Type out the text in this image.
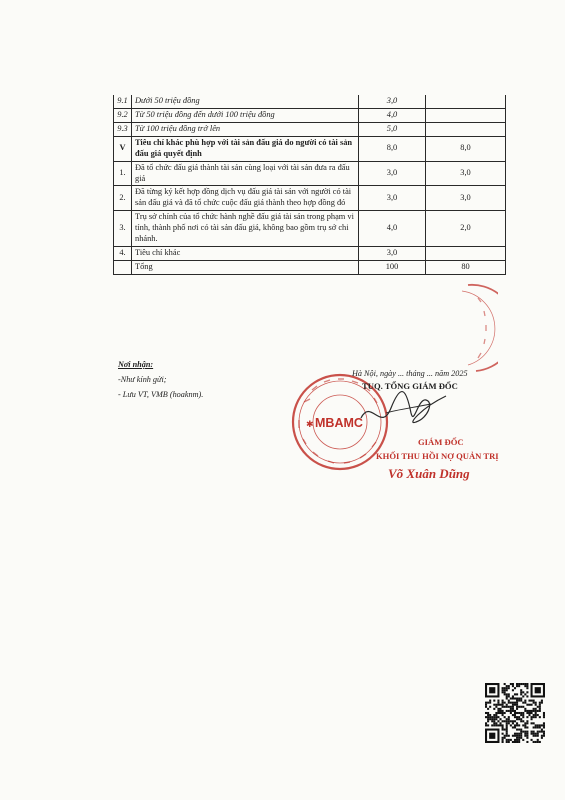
9.1	Dưới 50 triệu đồng	3,0	
9.2	Từ 50 triệu đồng đến dưới 100 triệu đồng	4,0	
9.3	Từ 100 triệu đồng trở lên	5,0	
V	Tiêu chí khác phù hợp với tài sản đấu giá do người có tài sản đấu giá quyết định	8,0	8,0
1.	Đã tổ chức đấu giá thành tài sản cùng loại với tài sản đưa ra đấu giá	3,0	3,0
2.	Đã từng ký kết hợp đồng dịch vụ đấu giá tài sản với người có tài sản đấu giá và đã tổ chức cuộc đấu giá thành theo hợp đồng đó	3,0	3,0
3.	Trụ sở chính của tổ chức hành nghề đấu giá tài sản trong phạm vi tỉnh, thành phố nơi có tài sản đấu giá, không bao gồm trụ sở chi nhánh.	4,0	2,0
4.	Tiêu chí khác	3,0	
	Tổng	100	80
Nơi nhận:
-Như kính gửi;
- Lưu VT, VMB (hoaknm).
✱ MBAMC
Hà Nội, ngày ... tháng ... năm 2025
TUQ. TỔNG GIÁM ĐỐC
GIÁM ĐỐC
KHỐI THU HỒI NỢ QUẢN TRỊ
Võ Xuân Dũng
